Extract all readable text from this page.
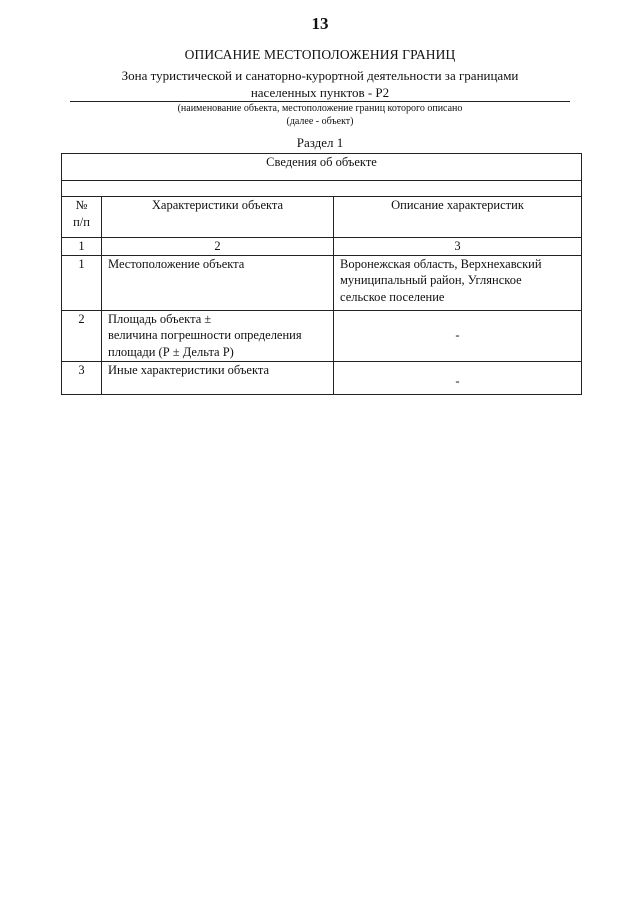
13
ОПИСАНИЕ МЕСТОПОЛОЖЕНИЯ ГРАНИЦ
Зона туристической и санаторно-курортной деятельности за границами
населенных пунктов - Р2
(наименование объекта, местоположение границ которого описано
(далее - объект)
Раздел 1
Сведения об объекте		

№
п/п	Характеристики объекта	Описание характеристик
1	2	3
1	Местоположение объекта	Воронежская область, Верхнехавский
муниципальный район, Углянское
сельское поселение

2	Площадь объекта ±
величина погрешности определения
площади (Р ± Дельта Р)	-
3	Иные характеристики объекта	-
